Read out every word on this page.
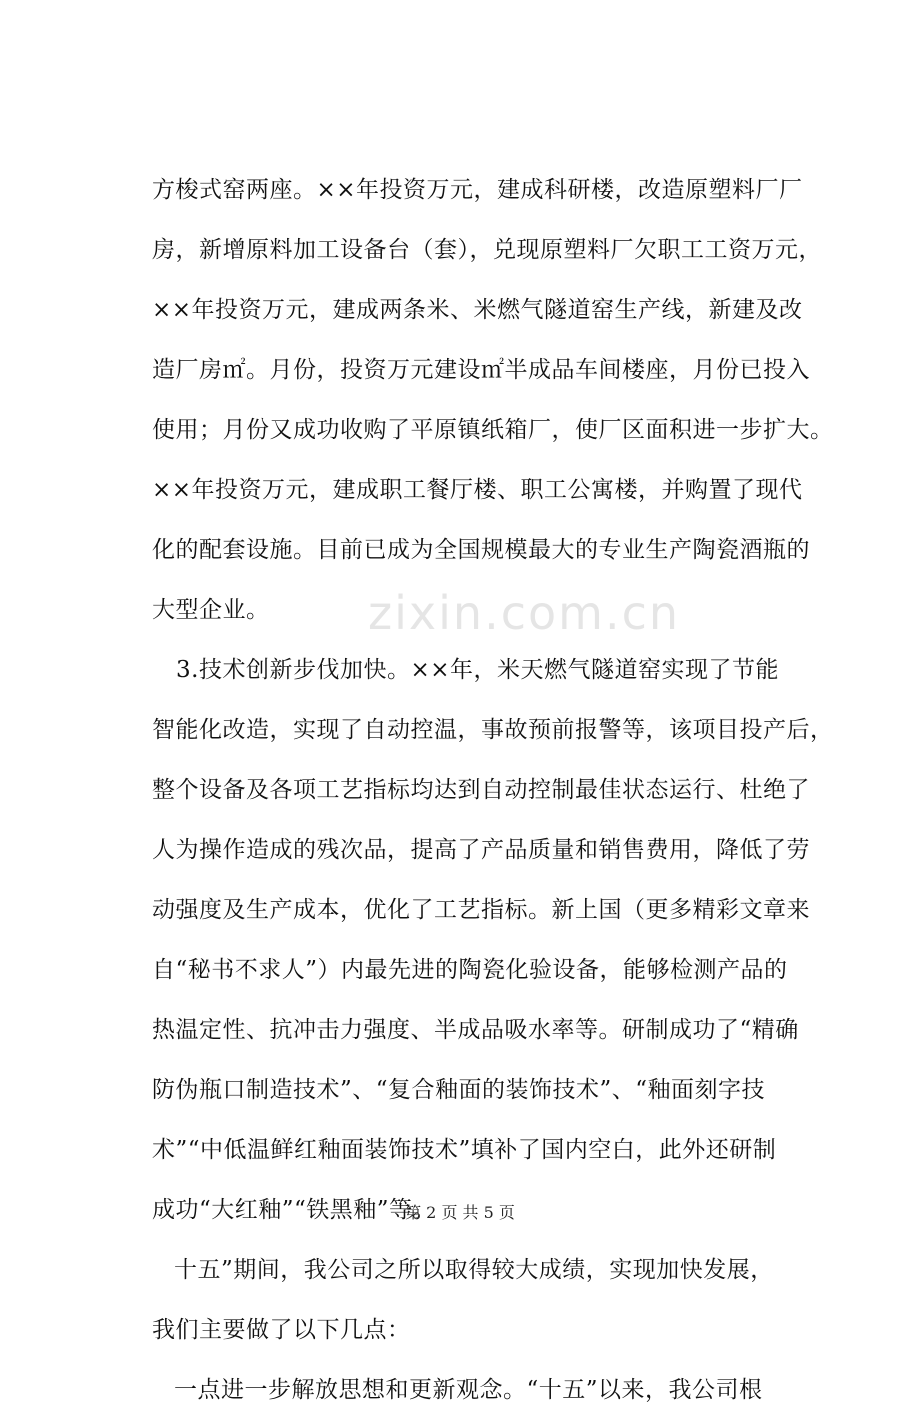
方梭式窑两座。××年投资万元，建成科研楼，改造原塑料厂厂
房，新增原料加工设备台（套），兑现原塑料厂欠职工工资万元，
××年投资万元，建成两条米、米燃气隧道窑生产线，新建及改
造厂房㎡。月份，投资万元建设㎡半成品车间楼座，月份已投入
使用；月份又成功收购了平原镇纸箱厂，使厂区面积进一步扩大。
××年投资万元，建成职工餐厅楼、职工公寓楼，并购置了现代
化的配套设施。目前已成为全国规模最大的专业生产陶瓷酒瓶的
大型企业。
3.技术创新步伐加快。××年，米天燃气隧道窑实现了节能
智能化改造，实现了自动控温，事故预前报警等，该项目投产后，
整个设备及各项工艺指标均达到自动控制最佳状态运行、杜绝了
人为操作造成的残次品，提高了产品质量和销售费用，降低了劳
动强度及生产成本，优化了工艺指标。新上国（更多精彩文章来
自“秘书不求人”）内最先进的陶瓷化验设备，能够检测产品的
热温定性、抗冲击力强度、半成品吸水率等。研制成功了“精确
防伪瓶口制造技术”、“复合釉面的装饰技术”、“釉面刻字技
术”“中低温鲜红釉面装饰技术”填补了国内空白，此外还研制
成功“大红釉”“铁黑釉”等。
十五”期间，我公司之所以取得较大成绩，实现加快发展，
我们主要做了以下几点：
一点进一步解放思想和更新观念。“十五”以来，我公司根
zixin.com.cn
第 2 页 共 5 页
